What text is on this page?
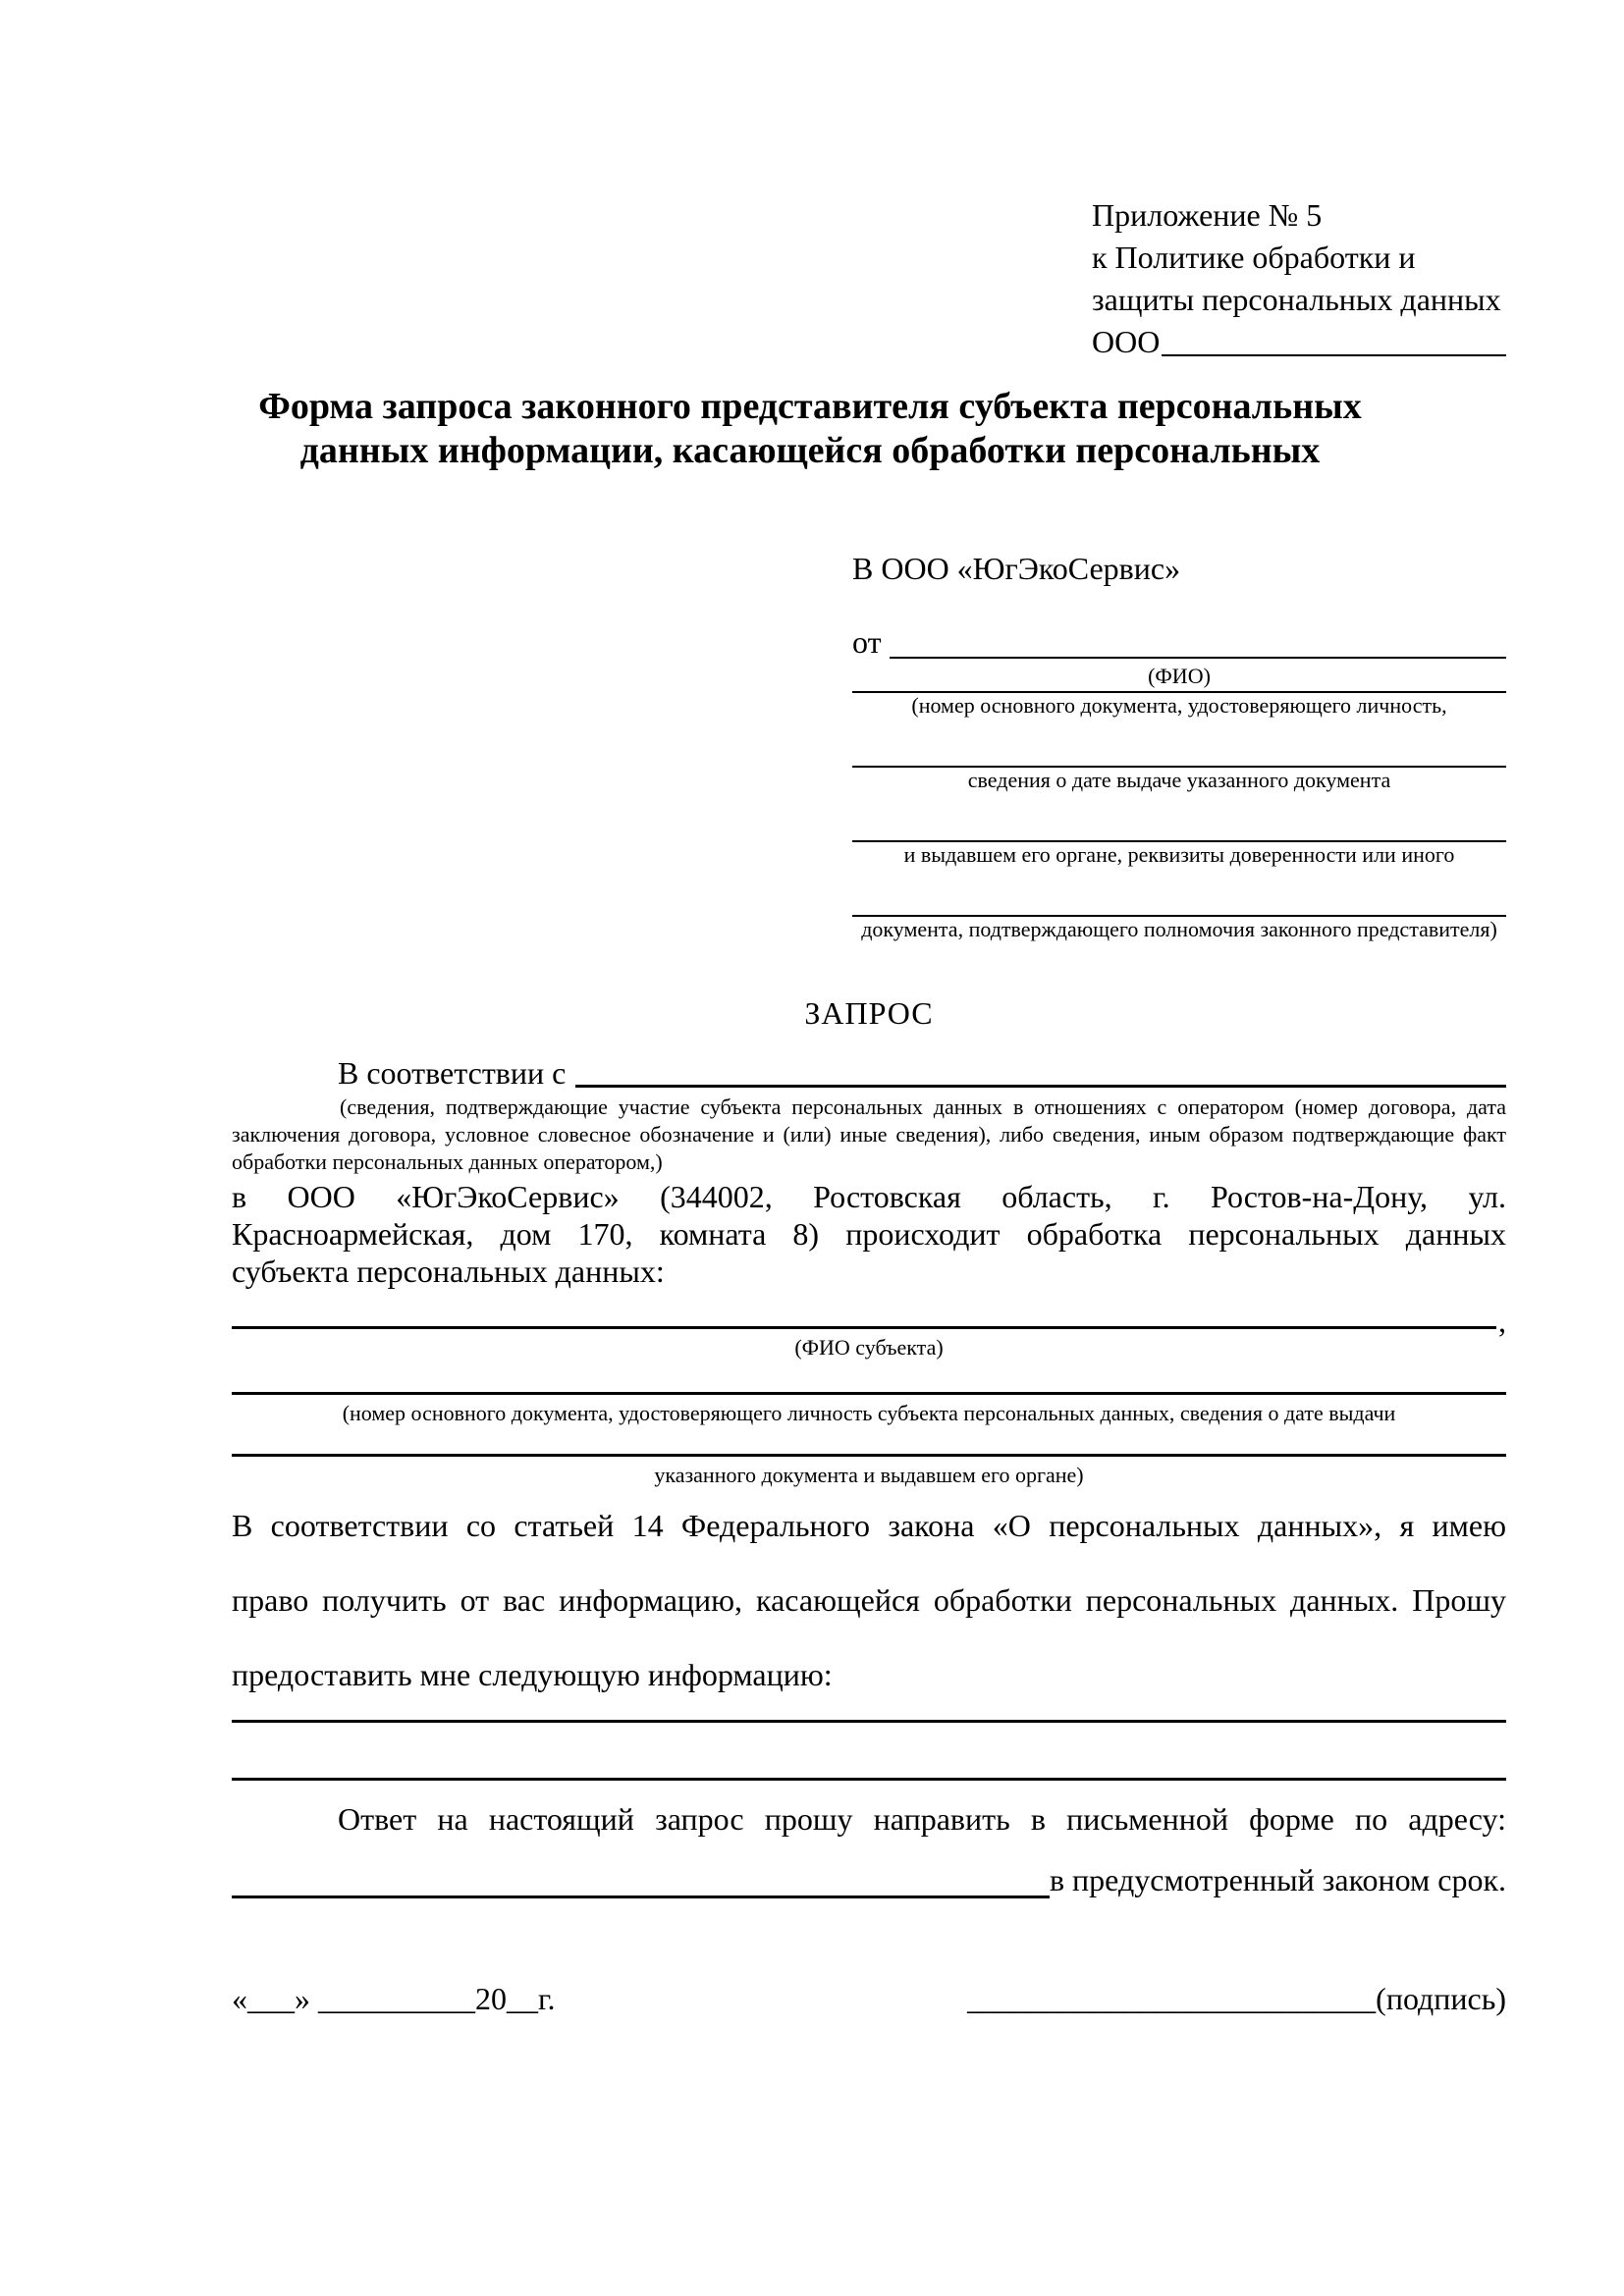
Приложение № 5
к Политике обработки и
защиты персональных данных
ООО
Форма запроса законного представителя субъекта персональных
данных информации, касающейся обработки персональных
В ООО «ЮгЭкоСервис»
от
(ФИО)
(номер основного документа, удостоверяющего личность,
сведения о дате выдаче указанного документа
и выдавшем его органе, реквизиты доверенности или иного
документа, подтверждающего полномочия законного представителя)
ЗАПРОС
В соответствии с
(сведения, подтверждающие участие субъекта персональных данных в отношениях с оператором (номер договора, дата
заключения договора, условное словесное обозначение и (или) иные сведения), либо сведения, иным образом подтверждающие факт
обработки персональных данных оператором,)
в ООО «ЮгЭкоСервис» (344002, Ростовская область, г. Ростов-на-Дону, ул.
Красноармейская, дом 170, комната 8) происходит обработка персональных данных
субъекта персональных данных:
,
(ФИО субъекта)
(номер основного документа, удостоверяющего личность субъекта персональных данных, сведения о дате выдачи
указанного документа и выдавшем его органе)
В соответствии со статьей 14 Федерального закона «О персональных данных», я имею
право получить от вас информацию, касающейся обработки персональных данных. Прошу
предоставить мне следующую информацию:
Ответ на настоящий запрос прошу направить в письменной форме по адресу:
в предусмотренный законом срок.
«___» __________20__г.	__________________________(подпись)
